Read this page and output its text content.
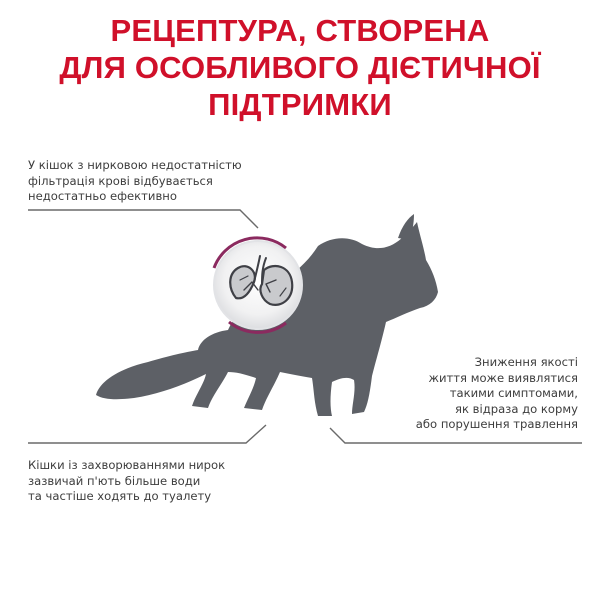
РЕЦЕПТУРА, СТВОРЕНА
ДЛЯ ОСОБЛИВОГО ДІЄТИЧНОЇ
ПІДТРИМКИ
У кішок з нирковою недостатністю
фільтрація крові відбувається
недостатньо ефективно
Зниження якості
життя може виявлятися
такими симптомами,
як відраза до корму
або порушення травлення
Кішки із захворюваннями нирок
зазвичай п'ють більше води
та частіше ходять до туалету
